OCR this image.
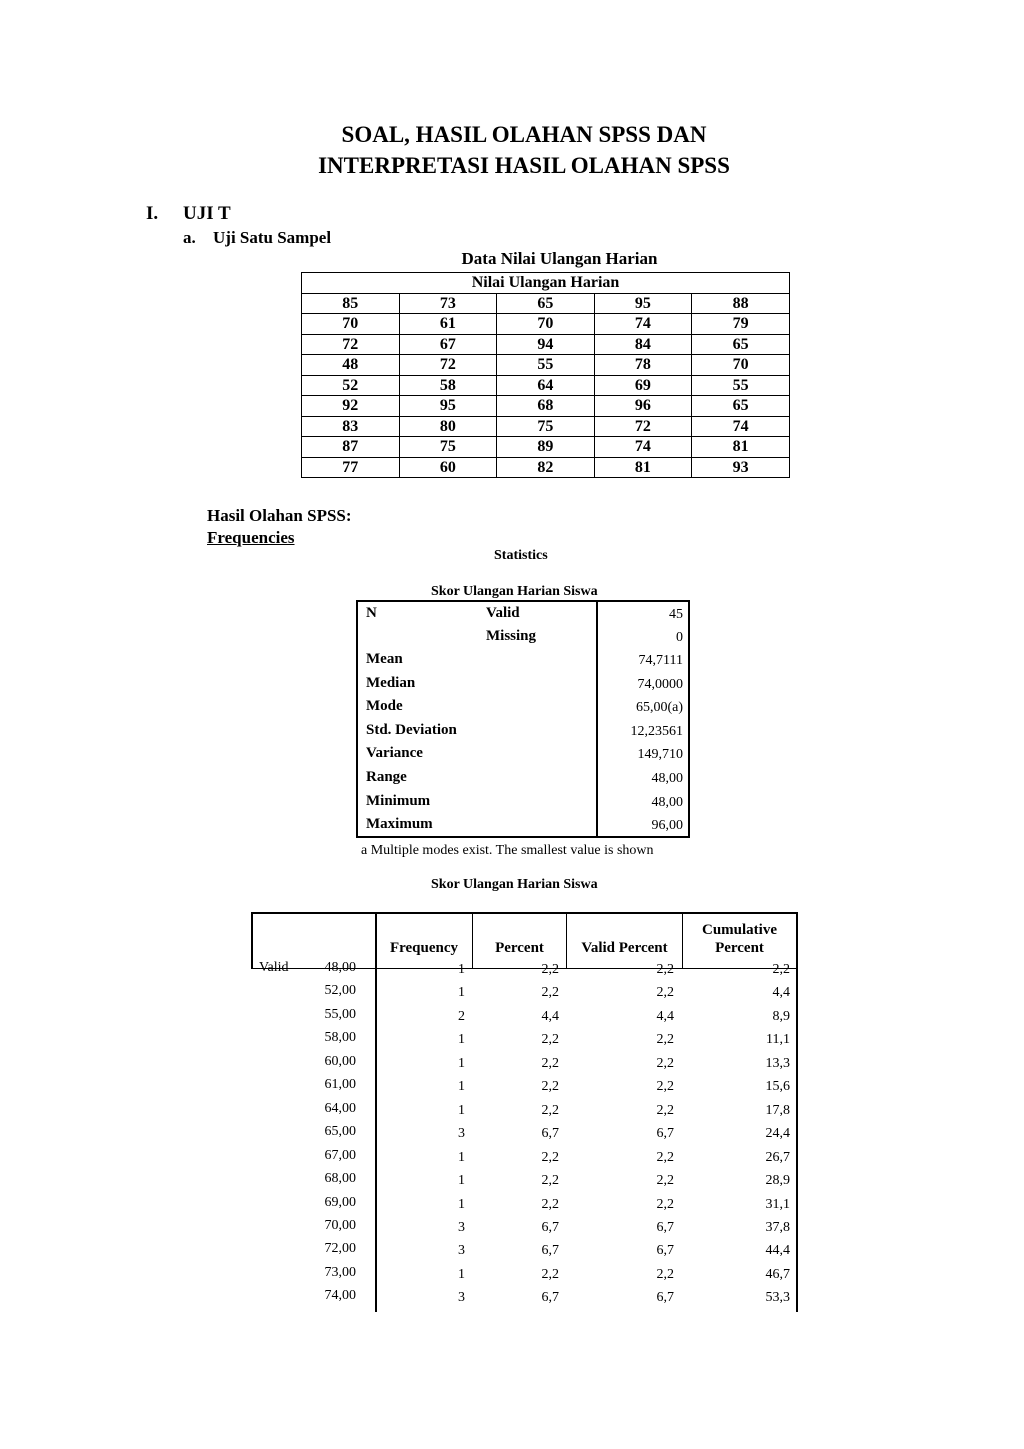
SOAL, HASIL OLAHAN SPSS DAN
INTERPRETASI HASIL OLAHAN SPSS
I. UJI T
a. Uji Satu Sampel
Data Nilai Ulangan Harian
Nilai Ulangan Harian				
85	73	65	95	88
70	61	70	74	79
72	67	94	84	65
48	72	55	78	70
52	58	64	69	55
92	95	68	96	65
83	80	75	72	74
87	75	89	74	81
77	60	82	81	93
Hasil Olahan SPSS:
Frequencies
Statistics
Skor Ulangan Harian Siswa
N	Valid	45
Missing	0
Mean	74,7111
Median	74,0000
Mode	65,00(a)
Std. Deviation	12,23561
Variance	149,710
Range	48,00
Minimum	48,00
Maximum	96,00
a Multiple modes exist. The smallest value is shown
Skor Ulangan Harian Siswa
Frequency	Percent	Valid Percent
Cumulative
Percent
Valid	48,00	1	2,2	2,2	2,2
52,00	1	2,2	2,2	4,4
55,00	2	4,4	4,4	8,9
58,00	1	2,2	2,2	11,1
60,00	1	2,2	2,2	13,3
61,00	1	2,2	2,2	15,6
64,00	1	2,2	2,2	17,8
65,00	3	6,7	6,7	24,4
67,00	1	2,2	2,2	26,7
68,00	1	2,2	2,2	28,9
69,00	1	2,2	2,2	31,1
70,00	3	6,7	6,7	37,8
72,00	3	6,7	6,7	44,4
73,00	1	2,2	2,2	46,7
74,00	3	6,7	6,7	53,3
